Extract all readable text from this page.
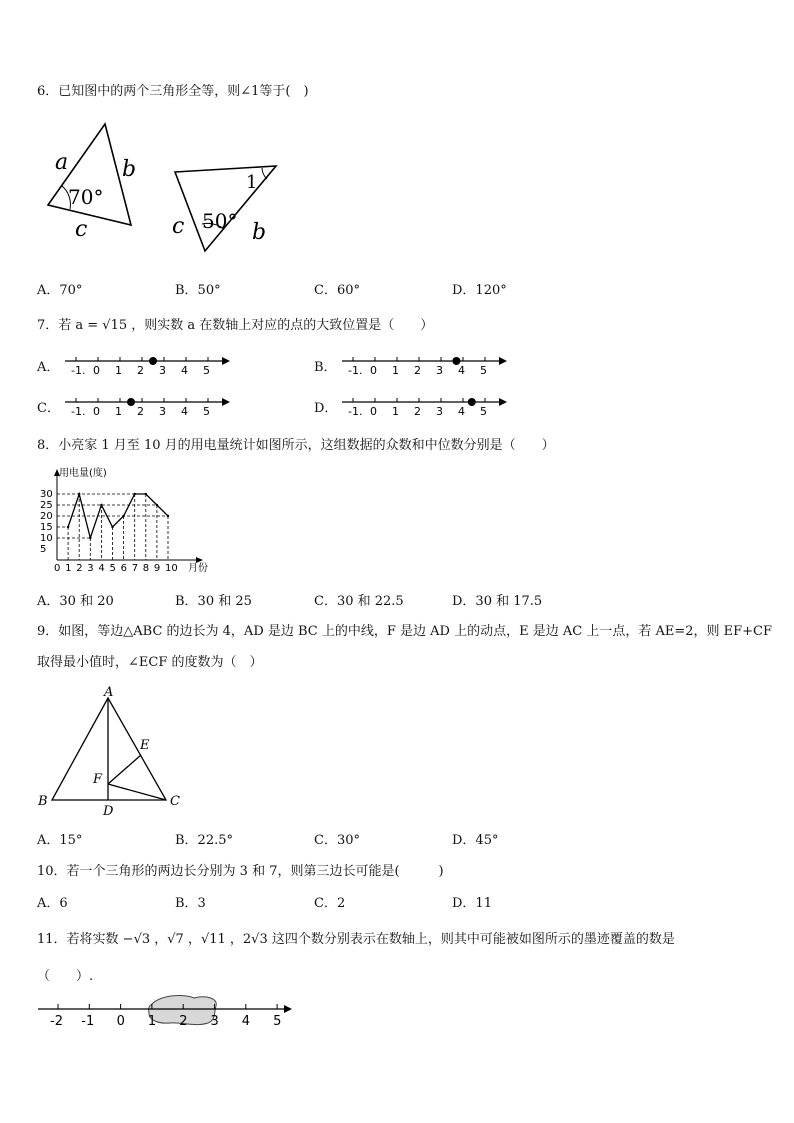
6．已知图中的两个三角形全等，则∠1等于(　)
a b
c
70°
1
c 50° b
A．70°	B．50°	C．60°	D．120°
7．若 a = √15 ，则实数 a 在数轴上对应的点的大致位置是（　　）
A． -1. 0 1 2 3 4 5	B． -1. 0 1 2 3 4 5
C． -1. 0 1 2 3 4 5	D． -1. 0 1 2 3 4 5
8．小亮家 1 月至 10 月的用电量统计如图所示，这组数据的众数和中位数分别是（　　）
用电量(度)
月份
5
10
15
20
25
30
0 1 2 3 4 5 6 7 8 9 10
A．30 和 20	B．30 和 25	C．30 和 22.5	D．30 和 17.5
9．如图，等边△ABC 的边长为 4，AD 是边 BC 上的中线，F 是边 AD 上的动点，E 是边 AC 上一点，若 AE=2，则 EF+CF
取得最小值时，∠ECF 的度数为（　）
A
B	C
D
E
F
A．15°	B．22.5°	C．30°	D．45°
10．若一个三角形的两边长分别为 3 和 7，则第三边长可能是(　　　)
A．6	B．3	C．2	D．11
11．若将实数 −√3 ，√7 ，√11 ，2√3 这四个数分别表示在数轴上，则其中可能被如图所示的墨迹覆盖的数是
（　　）.
-2 -1 0 1 2 3 4 5
